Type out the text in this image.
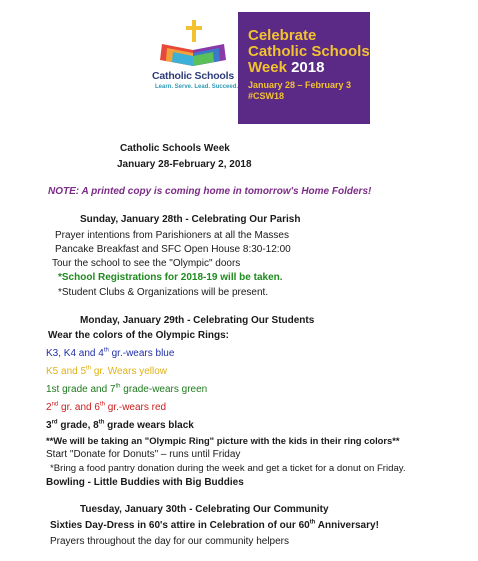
Catholic Schools
Learn. Serve. Lead. Succeed.
Celebrate
Catholic Schools
Week 2018
January 28 – February 3
#CSW18
Catholic Schools Week
January 28-February 2, 2018
NOTE: A printed copy is coming home in tomorrow's Home Folders!
Sunday, January 28th - Celebrating Our Parish
Prayer intentions from Parishioners at all the Masses
Pancake Breakfast and SFC Open House 8:30-12:00
Tour the school to see the "Olympic" doors
*School Registrations for 2018-19 will be taken.
*Student Clubs & Organizations will be present.
Monday, January 29th - Celebrating Our Students
Wear the colors of the Olympic Rings:
K3, K4 and 4th gr.-wears blue
K5 and 5th gr. Wears yellow
1st grade and 7th grade-wears green
2nd gr. and 6th gr.-wears red
3rd grade, 8th grade wears black
**We will be taking an "Olympic Ring" picture with the kids in their ring colors**
Start "Donate for Donuts" – runs until Friday
*Bring a food pantry donation during the week and get a ticket for a donut on Friday.
Bowling - Little Buddies with Big Buddies
Tuesday, January 30th - Celebrating Our Community
Sixties Day-Dress in 60's attire in Celebration of our 60th Anniversary!
Prayers throughout the day for our community helpers
